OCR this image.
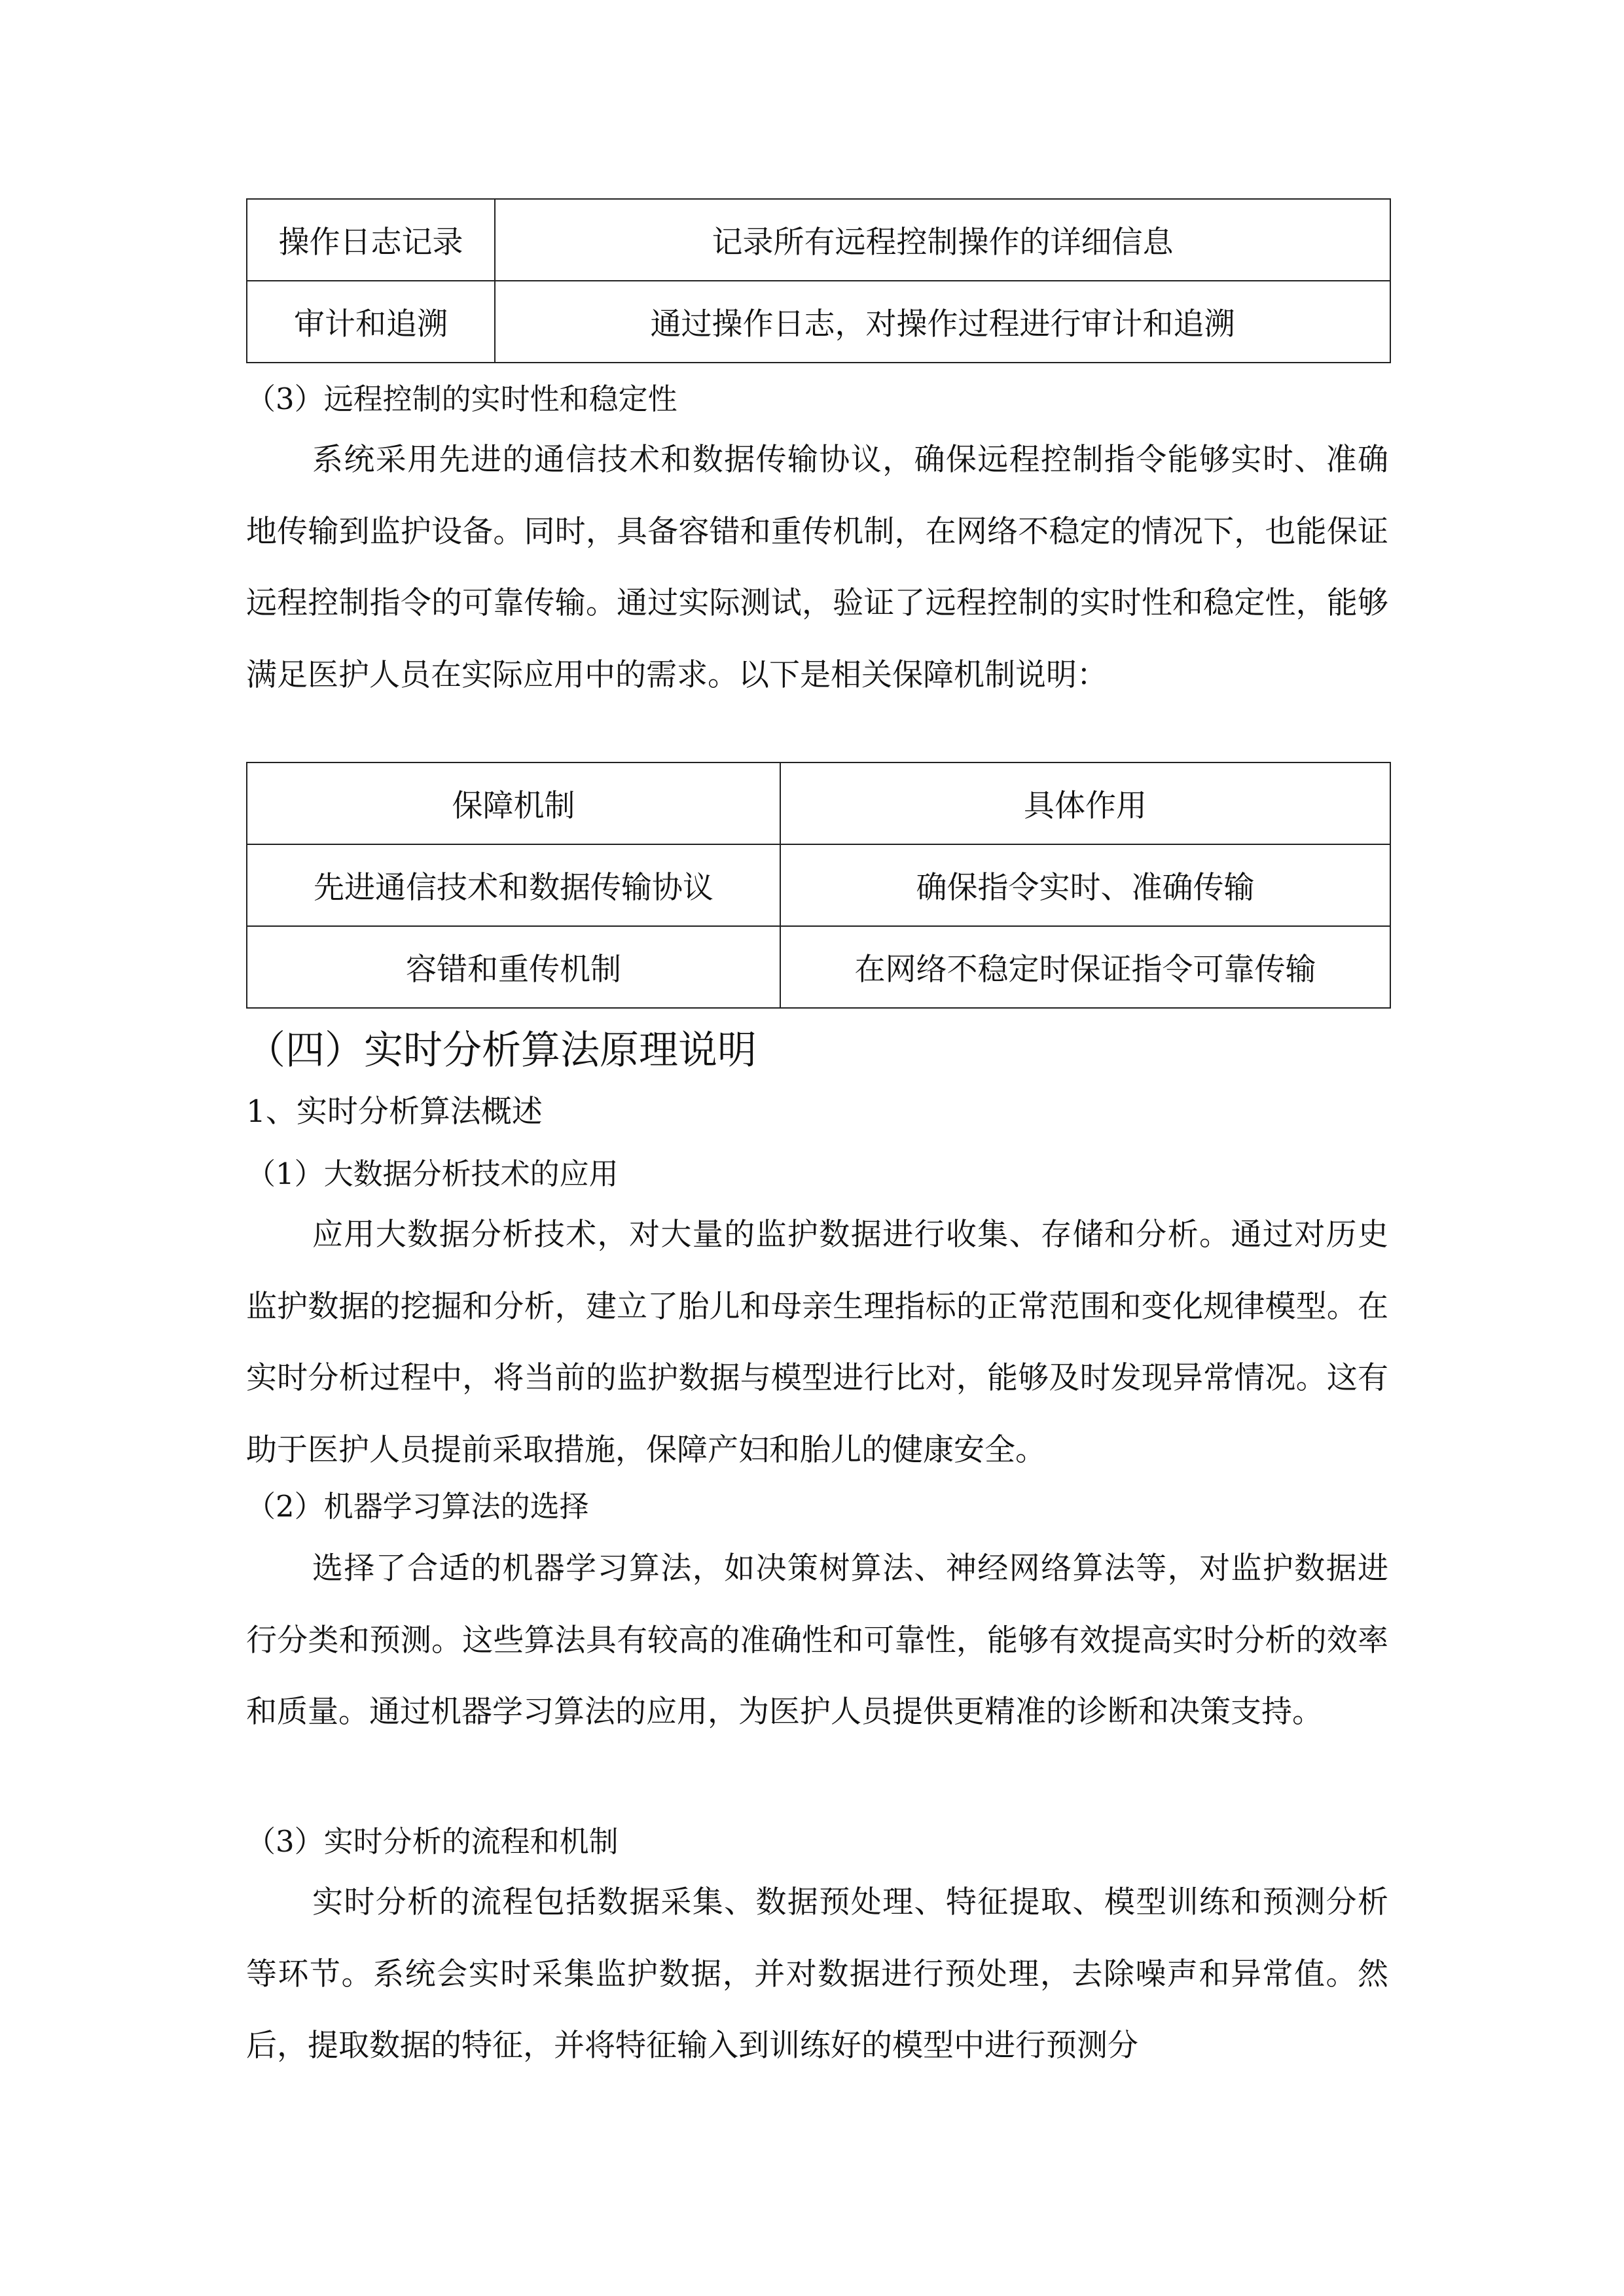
操作日志记录	记录所有远程控制操作的详细信息
审计和追溯	通过操作日志，对操作过程进行审计和追溯
（3）远程控制的实时性和稳定性
系统采用先进的通信技术和数据传输协议，确保远程控制指令能够实时、准确地传输到监护设备。同时，具备容错和重传机制，在网络不稳定的情况下，也能保证远程控制指令的可靠传输。通过实际测试，验证了远程控制的实时性和稳定性，能够满足医护人员在实际应用中的需求。以下是相关保障机制说明：
保障机制	具体作用
先进通信技术和数据传输协议	确保指令实时、准确传输
容错和重传机制	在网络不稳定时保证指令可靠传输
（四）实时分析算法原理说明
1、实时分析算法概述
（1）大数据分析技术的应用
应用大数据分析技术，对大量的监护数据进行收集、存储和分析。通过对历史监护数据的挖掘和分析，建立了胎儿和母亲生理指标的正常范围和变化规律模型。在实时分析过程中，将当前的监护数据与模型进行比对，能够及时发现异常情况。这有助于医护人员提前采取措施，保障产妇和胎儿的健康安全。
（2）机器学习算法的选择
选择了合适的机器学习算法，如决策树算法、神经网络算法等，对监护数据进行分类和预测。这些算法具有较高的准确性和可靠性，能够有效提高实时分析的效率和质量。通过机器学习算法的应用，为医护人员提供更精准的诊断和决策支持。
（3）实时分析的流程和机制
实时分析的流程包括数据采集、数据预处理、特征提取、模型训练和预测分析等环节。系统会实时采集监护数据，并对数据进行预处理，去除噪声和异常值。然后，提取数据的特征，并将特征输入到训练好的模型中进行预测分
